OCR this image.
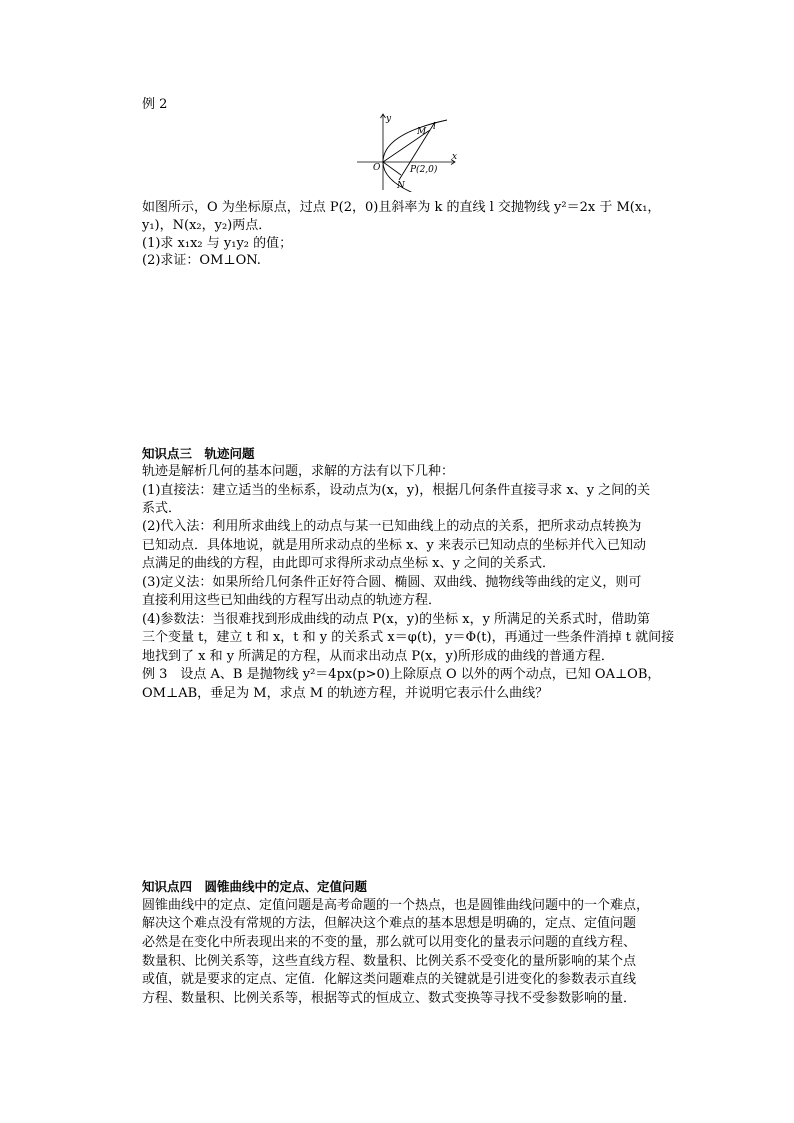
例 2
y
x
O
M l
N
P(2,0)
如图所示，O 为坐标原点，过点 P(2，0)且斜率为 k 的直线 l 交抛物线 y²＝2x 于 M(x₁，
y₁)，N(x₂，y₂)两点．
(1)求 x₁x₂ 与 y₁y₂ 的值；
(2)求证：OM⊥ON.
知识点三　轨迹问题
轨迹是解析几何的基本问题，求解的方法有以下几种：
(1)直接法：建立适当的坐标系，设动点为(x，y)，根据几何条件直接寻求 x、y 之间的关
系式．
(2)代入法：利用所求曲线上的动点与某一已知曲线上的动点的关系，把所求动点转换为
已知动点．具体地说，就是用所求动点的坐标 x、y 来表示已知动点的坐标并代入已知动
点满足的曲线的方程，由此即可求得所求动点坐标 x、y 之间的关系式．
(3)定义法：如果所给几何条件正好符合圆、椭圆、双曲线、抛物线等曲线的定义，则可
直接利用这些已知曲线的方程写出动点的轨迹方程．
(4)参数法：当很难找到形成曲线的动点 P(x，y)的坐标 x，y 所满足的关系式时，借助第
三个变量 t，建立 t 和 x，t 和 y 的关系式 x＝φ(t)，y＝Φ(t)，再通过一些条件消掉 t 就间接
地找到了 x 和 y 所满足的方程，从而求出动点 P(x，y)所形成的曲线的普通方程．
例 3　设点 A、B 是抛物线 y²＝4px(p>0)上除原点 O 以外的两个动点，已知 OA⊥OB，
OM⊥AB，垂足为 M，求点 M 的轨迹方程，并说明它表示什么曲线？
知识点四　圆锥曲线中的定点、定值问题
圆锥曲线中的定点、定值问题是高考命题的一个热点，也是圆锥曲线问题中的一个难点，
解决这个难点没有常规的方法，但解决这个难点的基本思想是明确的，定点、定值问题
必然是在变化中所表现出来的不变的量，那么就可以用变化的量表示问题的直线方程、
数量积、比例关系等，这些直线方程、数量积、比例关系不受变化的量所影响的某个点
或值，就是要求的定点、定值．化解这类问题难点的关键就是引进变化的参数表示直线
方程、数量积、比例关系等，根据等式的恒成立、数式变换等寻找不受参数影响的量．
